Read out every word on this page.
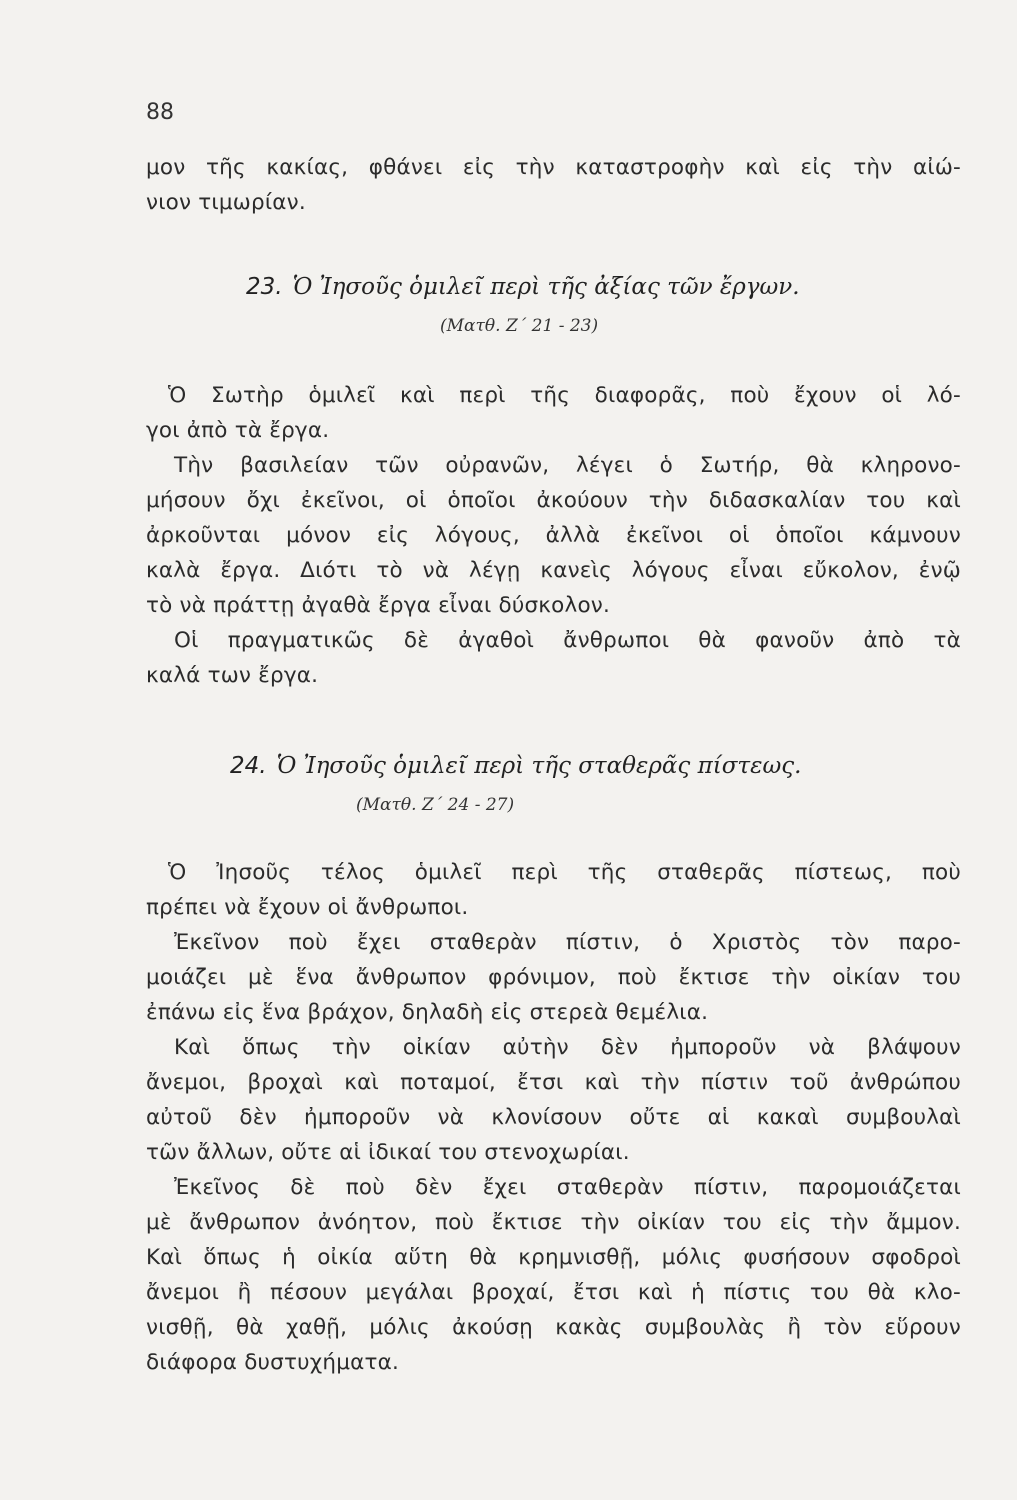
88
μον τῆς κακίας, φθάνει εἰς τὴν καταστροφὴν καὶ εἰς τὴν αἰώ-
νιον τιμωρίαν.
23. Ὁ Ἰησοῦς ὁμιλεῖ περὶ τῆς ἀξίας τῶν ἔργων.
(Ματθ. Ζ΄ 21 - 23)
Ὁ Σωτὴρ ὁμιλεῖ καὶ περὶ τῆς διαφορᾶς, ποὺ ἔχουν οἱ λό-
γοι ἀπὸ τὰ ἔργα.
Τὴν βασιλείαν τῶν οὐρανῶν, λέγει ὁ Σωτήρ, θὰ κληρονο-
μήσουν ὄχι ἐκεῖνοι, οἱ ὁποῖοι ἀκούουν τὴν διδασκαλίαν του καὶ
ἀρκοῦνται μόνον εἰς λόγους, ἀλλὰ ἐκεῖνοι οἱ ὁποῖοι κάμνουν
καλὰ ἔργα. Διότι τὸ νὰ λέγῃ κανεὶς λόγους εἶναι εὔκολον, ἐνῷ
τὸ νὰ πράττῃ ἀγαθὰ ἔργα εἶναι δύσκολον.
Οἱ πραγματικῶς δὲ ἀγαθοὶ ἄνθρωποι θὰ φανοῦν ἀπὸ τὰ
καλά των ἔργα.
24. Ὁ Ἰησοῦς ὁμιλεῖ περὶ τῆς σταθερᾶς πίστεως.
(Ματθ. Ζ΄ 24 - 27)
Ὁ Ἰησοῦς τέλος ὁμιλεῖ περὶ τῆς σταθερᾶς πίστεως, ποὺ
πρέπει νὰ ἔχουν οἱ ἄνθρωποι.
Ἐκεῖνον ποὺ ἔχει σταθερὰν πίστιν, ὁ Χριστὸς τὸν παρο-
μοιάζει μὲ ἕνα ἄνθρωπον φρόνιμον, ποὺ ἔκτισε τὴν οἰκίαν του
ἐπάνω εἰς ἕνα βράχον, δηλαδὴ εἰς στερεὰ θεμέλια.
Καὶ ὅπως τὴν οἰκίαν αὐτὴν δὲν ἠμποροῦν νὰ βλάψουν
ἄνεμοι, βροχαὶ καὶ ποταμοί, ἔτσι καὶ τὴν πίστιν τοῦ ἀνθρώπου
αὐτοῦ δὲν ἠμποροῦν νὰ κλονίσουν οὔτε αἱ κακαὶ συμβουλαὶ
τῶν ἄλλων, οὔτε αἱ ἰδικαί του στενοχωρίαι.
Ἐκεῖνος δὲ ποὺ δὲν ἔχει σταθερὰν πίστιν, παρομοιάζεται
μὲ ἄνθρωπον ἀνόητον, ποὺ ἔκτισε τὴν οἰκίαν του εἰς τὴν ἄμμον.
Καὶ ὅπως ἡ οἰκία αὕτη θὰ κρημνισθῇ, μόλις φυσήσουν σφοδροὶ
ἄνεμοι ἢ πέσουν μεγάλαι βροχαί, ἔτσι καὶ ἡ πίστις του θὰ κλο-
νισθῇ, θὰ χαθῇ, μόλις ἀκούσῃ κακὰς συμβουλὰς ἢ τὸν εὕρουν
διάφορα δυστυχήματα.
